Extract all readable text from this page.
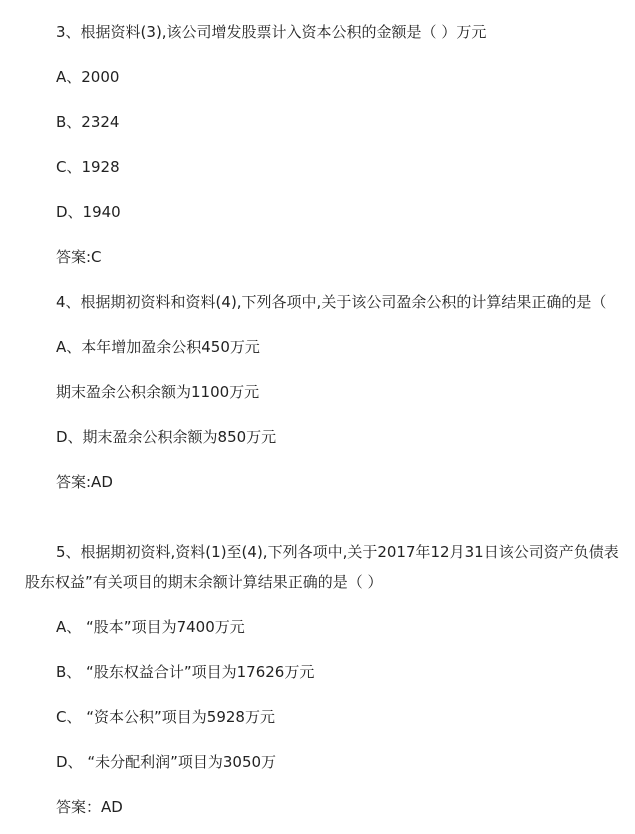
3、根据资料(3),该公司增发股票计入资本公积的金额是（ ）万元
A、2000
B、2324
C、1928
D、1940
答案:C
4、根据期初资料和资料(4),下列各项中,关于该公司盈余公积的计算结果正确的是（
A、本年增加盈余公积450万元
期末盈余公积余额为1100万元
D、期末盈余公积余额为850万元
答案:AD
5、根据期初资料,资料(1)至(4),下列各项中,关于2017年12月31日该公司资产负债表
股东权益”有关项目的期末余额计算结果正确的是（ ）
A、 “股本”项目为7400万元
B、 “股东权益合计”项目为17626万元
C、 “资本公积”项目为5928万元
D、 “未分配利润”项目为3050万
答案：AD
